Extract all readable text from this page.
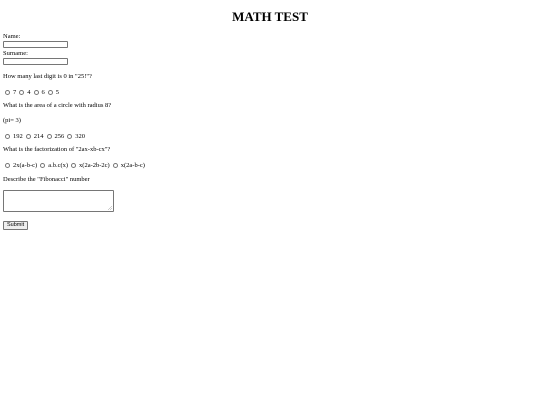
MATH TEST
Name:
Surname:
How many last digit is 0 in "25!"?
7 4 6 5
What is the area of a circle with radius 8?
(pi= 3)
192 214 256 320
What is the factorization of "2ax-xb-cx"?
2x(a-b-c) a.b.c(x) x(2a-2b-2c) x(2a-b-c)
Describe the "Fibonacci" number
Submit
